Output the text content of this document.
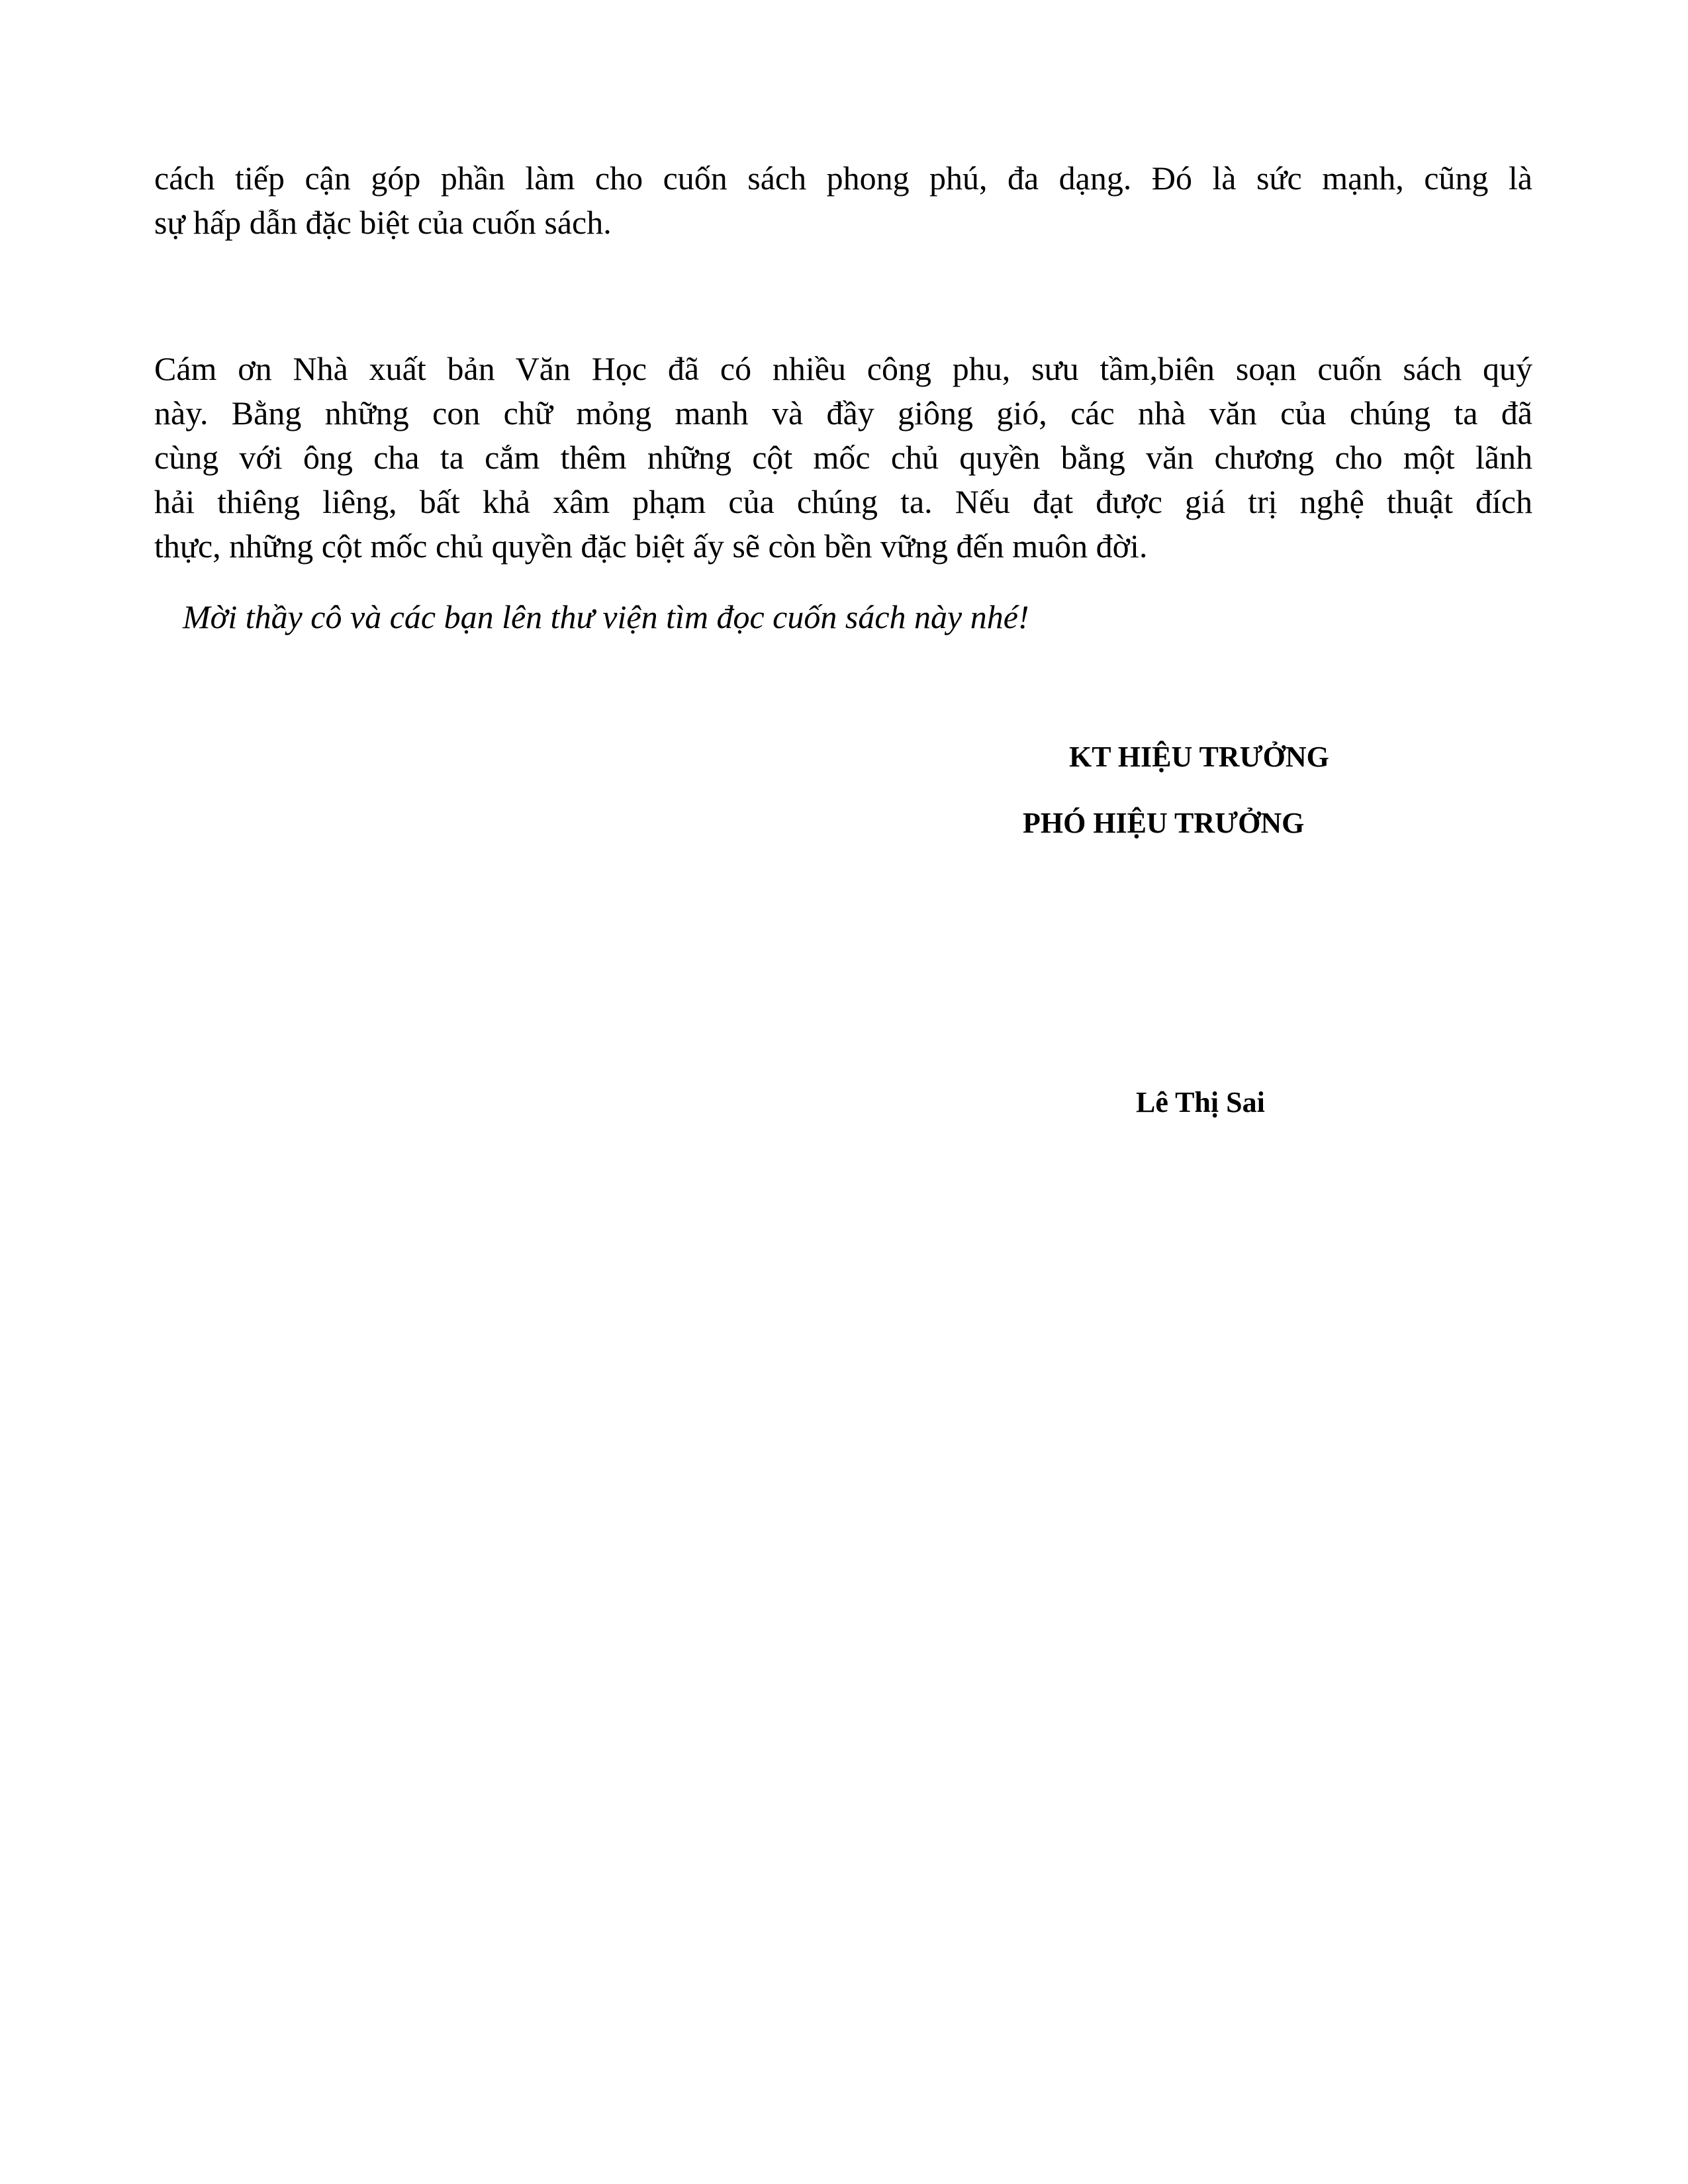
cách tiếp cận góp phần làm cho cuốn sách phong phú, đa dạng. Đó là sức mạnh, cũng là
sự hấp dẫn đặc biệt của cuốn sách.
Cám ơn Nhà xuất bản Văn Học đã có nhiều công phu, sưu tầm,biên soạn cuốn sách quý
này. Bằng những con chữ mỏng manh và đầy giông gió, các nhà văn của chúng ta đã
cùng với ông cha ta cắm thêm những cột mốc chủ quyền bằng văn chương cho một lãnh
hải thiêng liêng, bất khả xâm phạm của chúng ta. Nếu đạt được giá trị nghệ thuật đích
thực, những cột mốc chủ quyền đặc biệt ấy sẽ còn bền vững đến muôn đời.

Mời thầy cô và các bạn lên thư viện tìm đọc cuốn sách này nhé!

KT HIỆU TRƯỞNG

PHÓ HIỆU TRƯỞNG

Lê Thị Sai
